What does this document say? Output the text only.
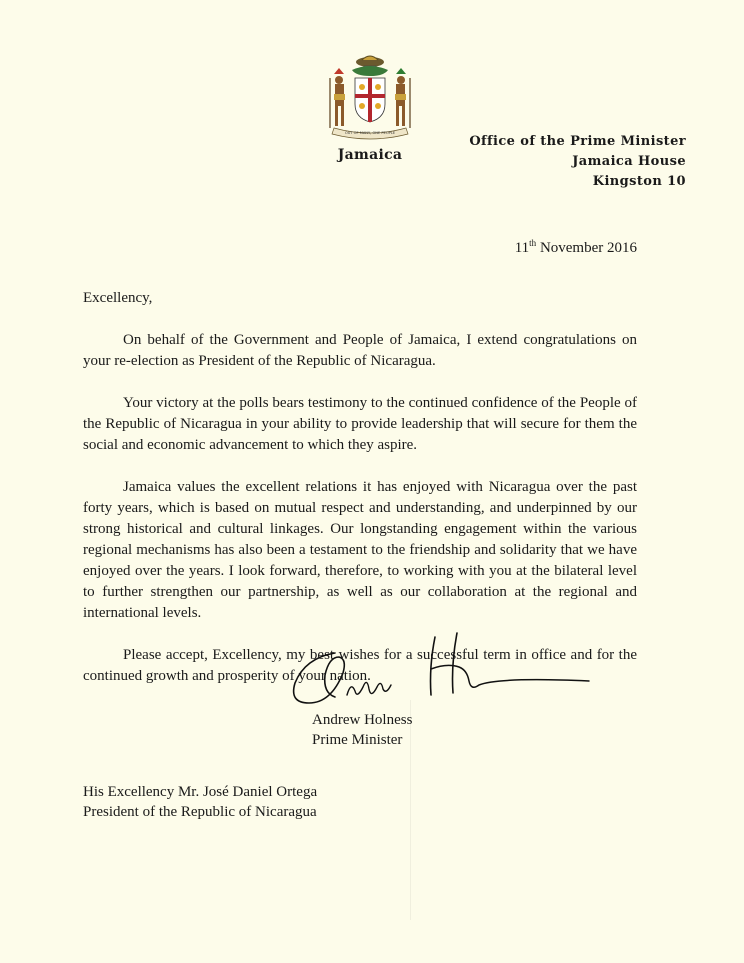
OUT OF MANY, ONE PEOPLE
Jamaica
Office of the Prime Minister
Jamaica House
Kingston 10
11th November 2016
Excellency,

On behalf of the Government and People of Jamaica, I extend congratulations on your re-election as President of the Republic of Nicaragua.

Your victory at the polls bears testimony to the continued confidence of the People of the Republic of Nicaragua in your ability to provide leadership that will secure for them the social and economic advancement to which they aspire.

Jamaica values the excellent relations it has enjoyed with Nicaragua over the past forty years, which is based on mutual respect and understanding, and underpinned by our strong historical and cultural linkages. Our longstanding engagement within the various regional mechanisms has also been a testament to the friendship and solidarity that we have enjoyed over the years. I look forward, therefore, to working with you at the bilateral level to further strengthen our partnership, as well as our collaboration at the regional and international levels.

Please accept, Excellency, my best wishes for a successful term in office and for the continued growth and prosperity of your nation.

Andrew Holness
Prime Minister
His Excellency Mr. José Daniel Ortega
President of the Republic of Nicaragua
